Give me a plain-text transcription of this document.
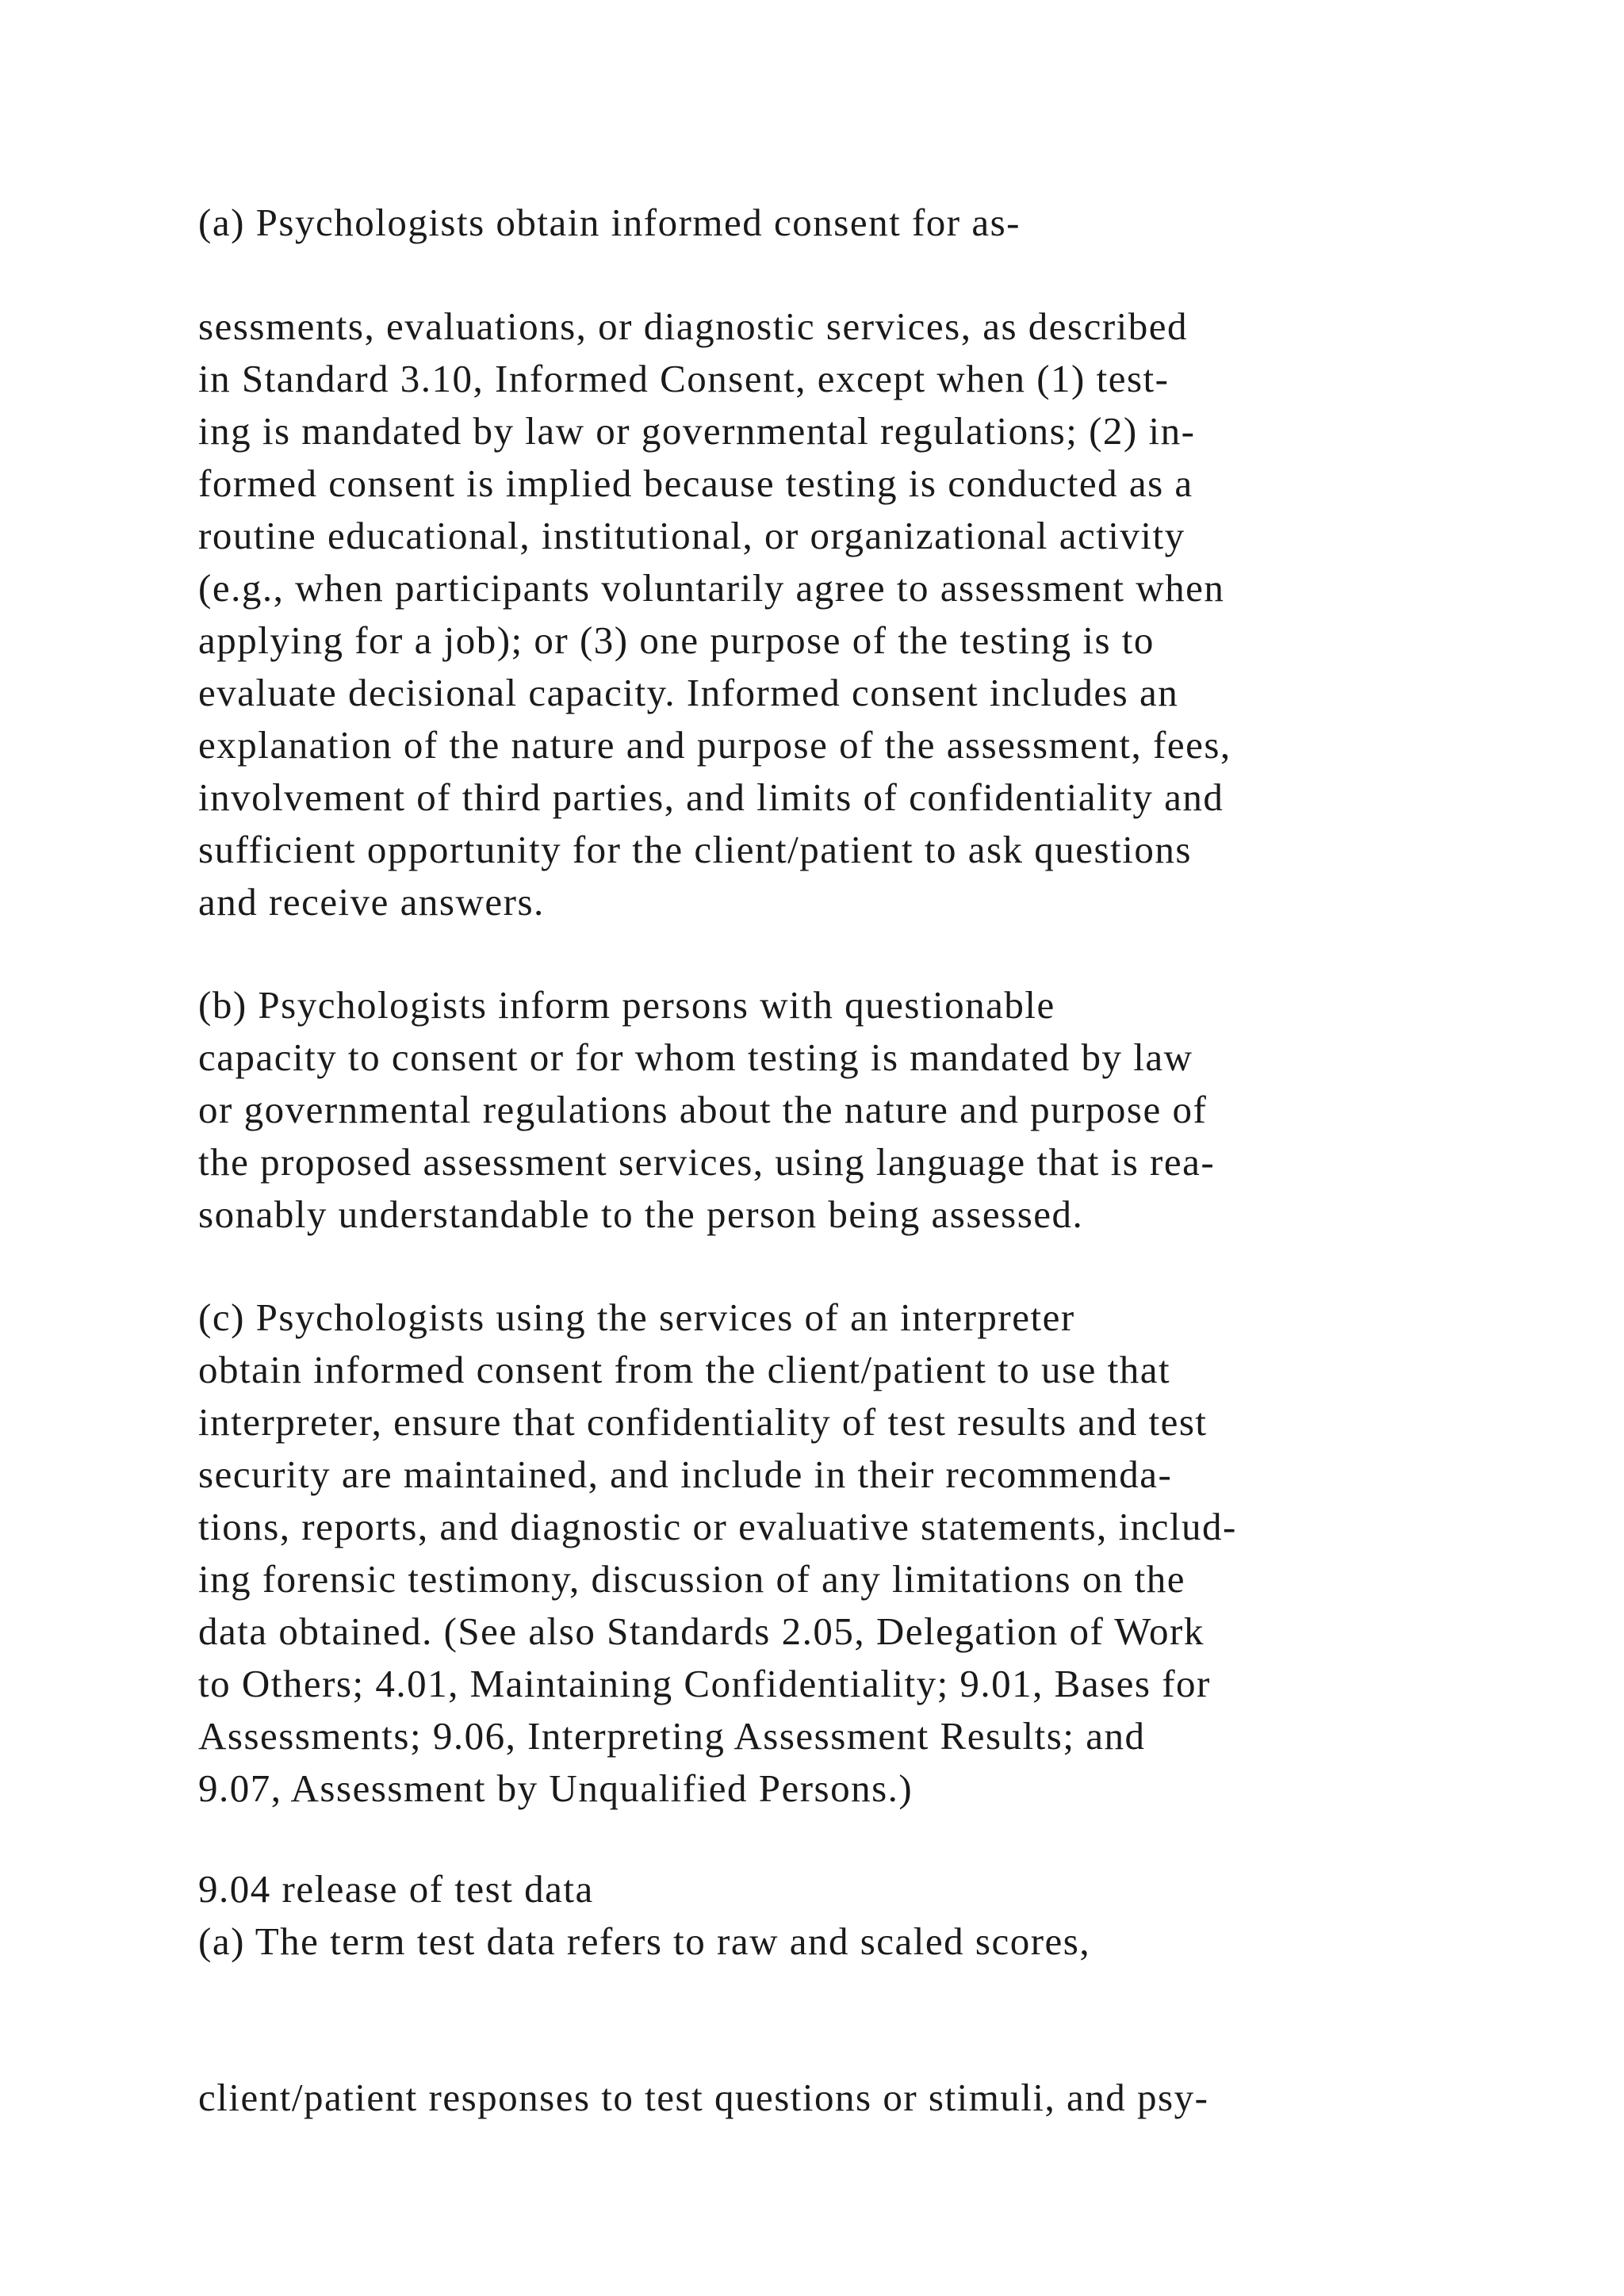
(a) Psychologists obtain informed consent for as-

sessments, evaluations, or diagnostic services, as described
in Standard 3.10, Informed Consent, except when (1) test-
ing is mandated by law or governmental regulations; (2) in-
formed consent is implied because testing is conducted as a
routine educational, institutional, or organizational activity
(e.g., when participants voluntarily agree to assessment when
applying for a job); or (3) one purpose of the testing is to
evaluate decisional capacity. Informed consent includes an
explanation of the nature and purpose of the assessment, fees,
involvement of third parties, and limits of confidentiality and
sufficient opportunity for the client/patient to ask questions
and receive answers.

(b) Psychologists inform persons with questionable
capacity to consent or for whom testing is mandated by law
or governmental regulations about the nature and purpose of
the proposed assessment services, using language that is rea-
sonably understandable to the person being assessed.

(c) Psychologists using the services of an interpreter
obtain informed consent from the client/patient to use that
interpreter, ensure that confidentiality of test results and test
security are maintained, and include in their recommenda-
tions, reports, and diagnostic or evaluative statements, includ-
ing forensic testimony, discussion of any limitations on the
data obtained. (See also Standards 2.05, Delegation of Work
to Others; 4.01, Maintaining Confidentiality; 9.01, Bases for
Assessments; 9.06, Interpreting Assessment Results; and
9.07, Assessment by Unqualified Persons.)

9.04 release of test data
(a) The term test data refers to raw and scaled scores,

client/patient responses to test questions or stimuli, and psy-
